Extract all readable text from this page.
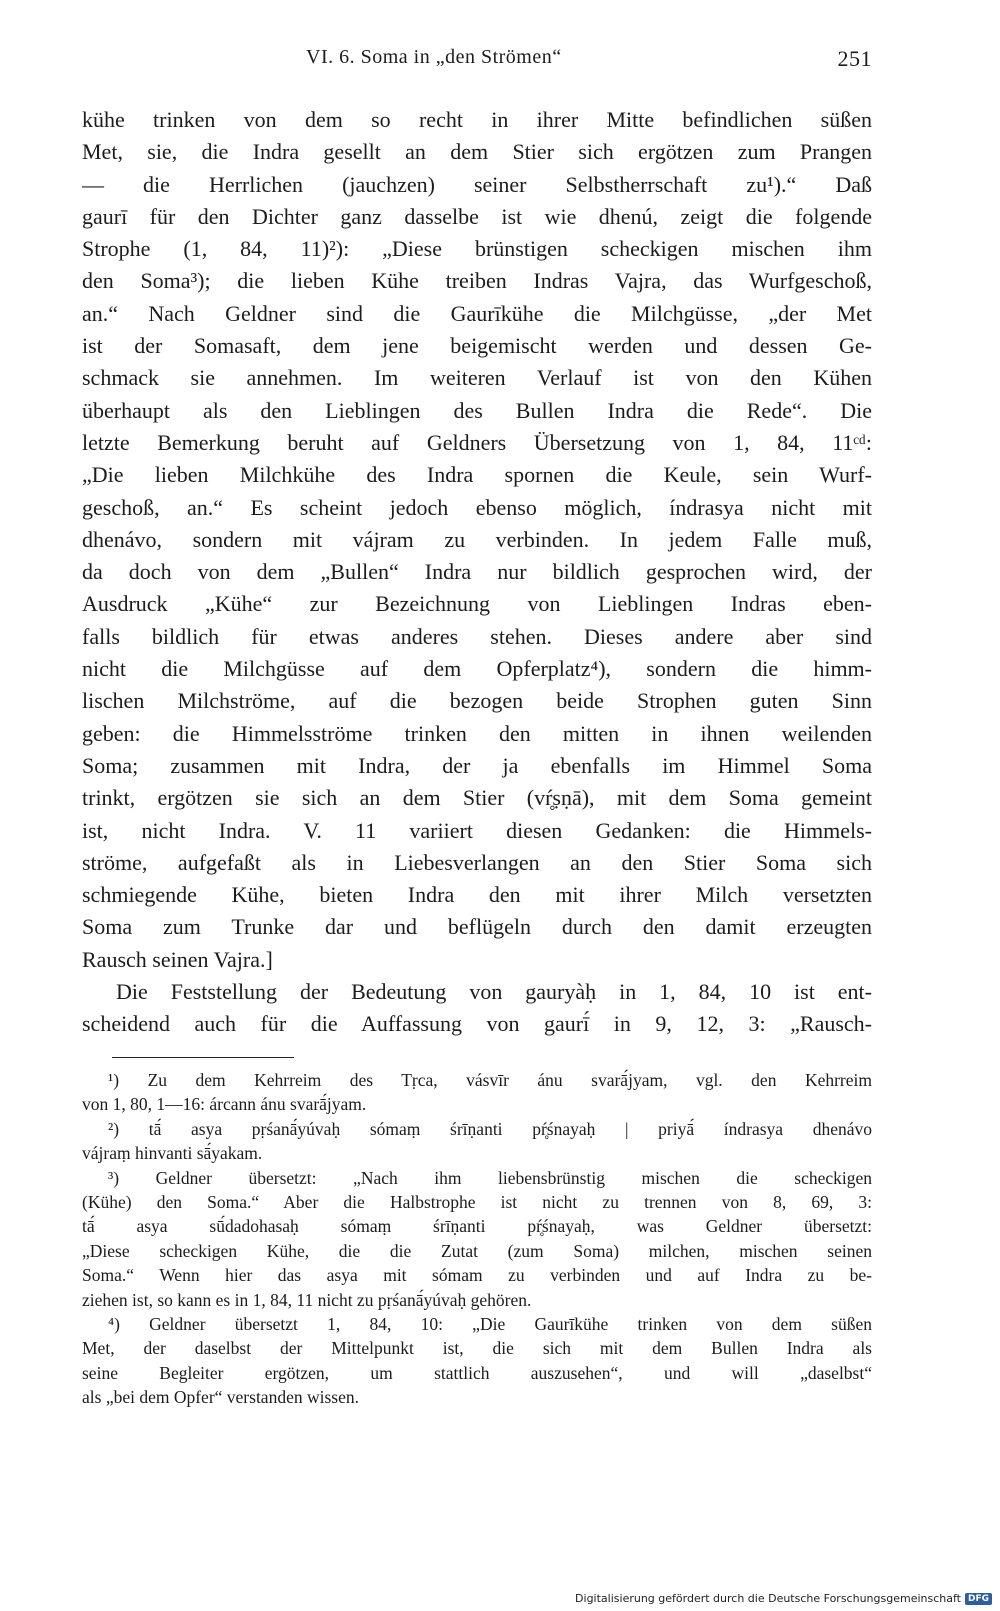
VI. 6. Soma in „den Strömen“	251
kühe trinken von dem so recht in ihrer Mitte befindlichen süßen
Met, sie, die Indra gesellt an dem Stier sich ergötzen zum Prangen
— die Herrlichen (jauchzen) seiner Selbstherrschaft zu¹).“ Daß
gaurī für den Dichter ganz dasselbe ist wie dhenú, zeigt die folgende
Strophe (1, 84, 11)²): „Diese brünstigen scheckigen mischen ihm
den Soma³); die lieben Kühe treiben Indras Vajra, das Wurfgeschoß,
an.“ Nach Geldner sind die Gaurīkühe die Milchgüsse, „der Met
ist der Somasaft, dem jene beigemischt werden und dessen Ge-
schmack sie annehmen. Im weiteren Verlauf ist von den Kühen
überhaupt als den Lieblingen des Bullen Indra die Rede“. Die
letzte Bemerkung beruht auf Geldners Übersetzung von 1, 84, 11ᶜᵈ:
„Die lieben Milchkühe des Indra spornen die Keule, sein Wurf-
geschoß, an.“ Es scheint jedoch ebenso möglich, índrasya nicht mit
dhenávo, sondern mit vájram zu verbinden. In jedem Falle muß,
da doch von dem „Bullen“ Indra nur bildlich gesprochen wird, der
Ausdruck „Kühe“ zur Bezeichnung von Lieblingen Indras eben-
falls bildlich für etwas anderes stehen. Dieses andere aber sind
nicht die Milchgüsse auf dem Opferplatz⁴), sondern die himm-
lischen Milchströme, auf die bezogen beide Strophen guten Sinn
geben: die Himmelsströme trinken den mitten in ihnen weilenden
Soma; zusammen mit Indra, der ja ebenfalls im Himmel Soma
trinkt, ergötzen sie sich an dem Stier (vŕ̥ṣṇā), mit dem Soma gemeint
ist, nicht Indra. V. 11 variiert diesen Gedanken: die Himmels-
ströme, aufgefaßt als in Liebesverlangen an den Stier Soma sich
schmiegende Kühe, bieten Indra den mit ihrer Milch versetzten
Soma zum Trunke dar und beflügeln durch den damit erzeugten
Rausch seinen Vajra.]
Die Feststellung der Bedeutung von gauryàḥ in 1, 84, 10 ist ent-
scheidend auch für die Auffassung von gaurī́ in 9, 12, 3: „Rausch-
¹) Zu dem Kehrreim des Tṛca, vásvīr ánu svarā́jyam, vgl. den Kehrreim
von 1, 80, 1—16: árcann ánu svarā́jyam.
²) tā́ asya pṛśanā́yúvaḥ sómaṃ śrīṇanti pŕ̥śnayaḥ | priyā́ índrasya dhenávo
vájraṃ hinvanti sā́yakam.
³) Geldner übersetzt: „Nach ihm liebensbrünstig mischen die scheckigen
(Kühe) den Soma.“ Aber die Halbstrophe ist nicht zu trennen von 8, 69, 3:
tā́ asya sū́dadohasaḥ sómaṃ śrīṇanti pŕ̥śnayaḥ, was Geldner übersetzt:
„Diese scheckigen Kühe, die die Zutat (zum Soma) milchen, mischen seinen
Soma.“ Wenn hier das asya mit sómam zu verbinden und auf Indra zu be-
ziehen ist, so kann es in 1, 84, 11 nicht zu pṛśanā́yúvaḥ gehören.
⁴) Geldner übersetzt 1, 84, 10: „Die Gaurīkühe trinken von dem süßen
Met, der daselbst der Mittelpunkt ist, die sich mit dem Bullen Indra als
seine Begleiter ergötzen, um stattlich auszusehen“, und will „daselbst“
als „bei dem Opfer“ verstanden wissen.
Digitalisierung gefördert durch die Deutsche Forschungsgemeinschaft DFG
